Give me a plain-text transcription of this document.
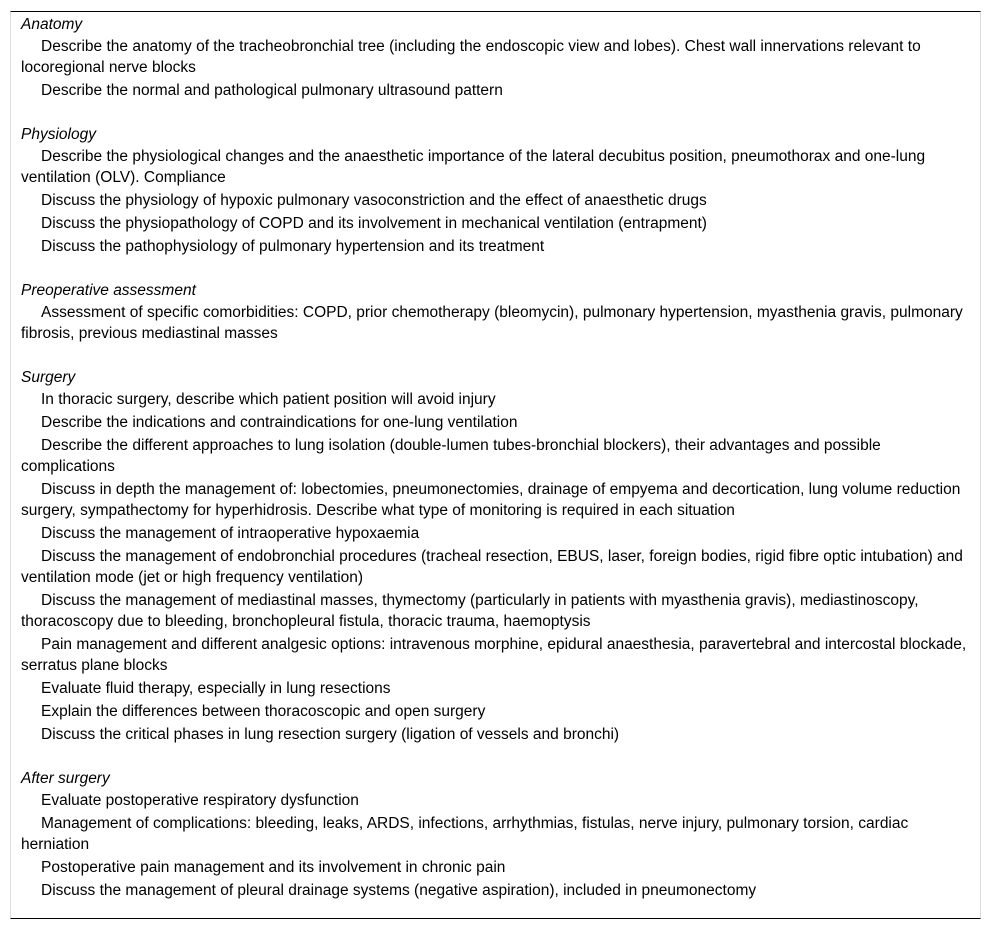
Anatomy
Describe the anatomy of the tracheobronchial tree (including the endoscopic view and lobes). Chest wall innervations relevant to locoregional nerve blocks
Describe the normal and pathological pulmonary ultrasound pattern
Physiology
Describe the physiological changes and the anaesthetic importance of the lateral decubitus position, pneumothorax and one-lung ventilation (OLV). Compliance
Discuss the physiology of hypoxic pulmonary vasoconstriction and the effect of anaesthetic drugs
Discuss the physiopathology of COPD and its involvement in mechanical ventilation (entrapment)
Discuss the pathophysiology of pulmonary hypertension and its treatment
Preoperative assessment
Assessment of specific comorbidities: COPD, prior chemotherapy (bleomycin), pulmonary hypertension, myasthenia gravis, pulmonary fibrosis, previous mediastinal masses
Surgery
In thoracic surgery, describe which patient position will avoid injury
Describe the indications and contraindications for one-lung ventilation
Describe the different approaches to lung isolation (double-lumen tubes-bronchial blockers), their advantages and possible complications
Discuss in depth the management of: lobectomies, pneumonectomies, drainage of empyema and decortication, lung volume reduction surgery, sympathectomy for hyperhidrosis. Describe what type of monitoring is required in each situation
Discuss the management of intraoperative hypoxaemia
Discuss the management of endobronchial procedures (tracheal resection, EBUS, laser, foreign bodies, rigid fibre optic intubation) and ventilation mode (jet or high frequency ventilation)
Discuss the management of mediastinal masses, thymectomy (particularly in patients with myasthenia gravis), mediastinoscopy, thoracoscopy due to bleeding, bronchopleural fistula, thoracic trauma, haemoptysis
Pain management and different analgesic options: intravenous morphine, epidural anaesthesia, paravertebral and intercostal blockade, serratus plane blocks
Evaluate fluid therapy, especially in lung resections
Explain the differences between thoracoscopic and open surgery
Discuss the critical phases in lung resection surgery (ligation of vessels and bronchi)
After surgery
Evaluate postoperative respiratory dysfunction
Management of complications: bleeding, leaks, ARDS, infections, arrhythmias, fistulas, nerve injury, pulmonary torsion, cardiac herniation
Postoperative pain management and its involvement in chronic pain
Discuss the management of pleural drainage systems (negative aspiration), included in pneumonectomy
